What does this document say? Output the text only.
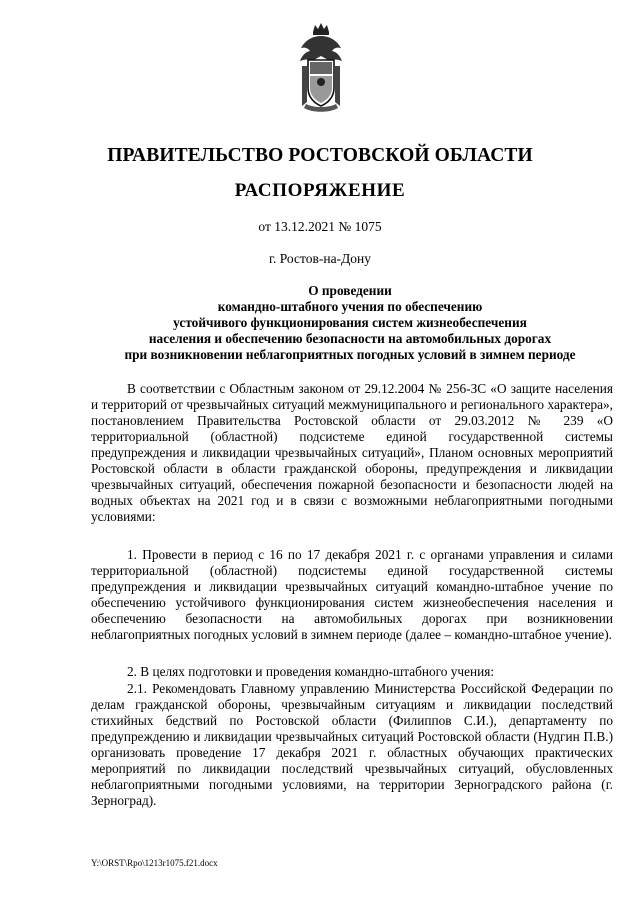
ПРАВИТЕЛЬСТВО РОСТОВСКОЙ ОБЛАСТИ
РАСПОРЯЖЕНИЕ
от 13.12.2021 № 1075
г. Ростов-на-Дону
О проведении
командно-штабного учения по обеспечению
устойчивого функционирования систем жизнеобеспечения
населения и обеспечению безопасности на автомобильных дорогах
при возникновении неблагоприятных погодных условий в зимнем периоде

В соответствии с Областным законом от 29.12.2004 № 256-ЗС «О защите населения и территорий от чрезвычайных ситуаций межмуниципального и регионального характера», постановлением Правительства Ростовской области от 29.03.2012 № 239 «О территориальной (областной) подсистеме единой государственной системы предупреждения и ликвидации чрезвычайных ситуаций», Планом основных мероприятий Ростовской области в области гражданской обороны, предупреждения и ликвидации чрезвычайных ситуаций, обеспечения пожарной безопасности и безопасности людей на водных объектах на 2021 год и в связи с возможными неблагоприятными погодными условиями:

1. Провести в период с 16 по 17 декабря 2021 г. с органами управления и силами территориальной (областной) подсистемы единой государственной системы предупреждения и ликвидации чрезвычайных ситуаций командно-штабное учение по обеспечению устойчивого функционирования систем жизнеобеспечения населения и обеспечению безопасности на автомобильных дорогах при возникновении неблагоприятных погодных условий в зимнем периоде (далее – командно-штабное учение).

2. В целях подготовки и проведения командно-штабного учения:

2.1. Рекомендовать Главному управлению Министерства Российской Федерации по делам гражданской обороны, чрезвычайным ситуациям и ликвидации последствий стихийных бедствий по Ростовской области (Филиппов С.И.), департаменту по предупреждению и ликвидации чрезвычайных ситуаций Ростовской области (Нудгин П.В.) организовать проведение 17 декабря 2021 г. областных обучающих практических мероприятий по ликвидации последствий чрезвычайных ситуаций, обусловленных неблагоприятными погодными условиями, на территории Зерноградского района (г. Зерноград).

Y:\ORST\Rpo\1213r1075.f21.docx
